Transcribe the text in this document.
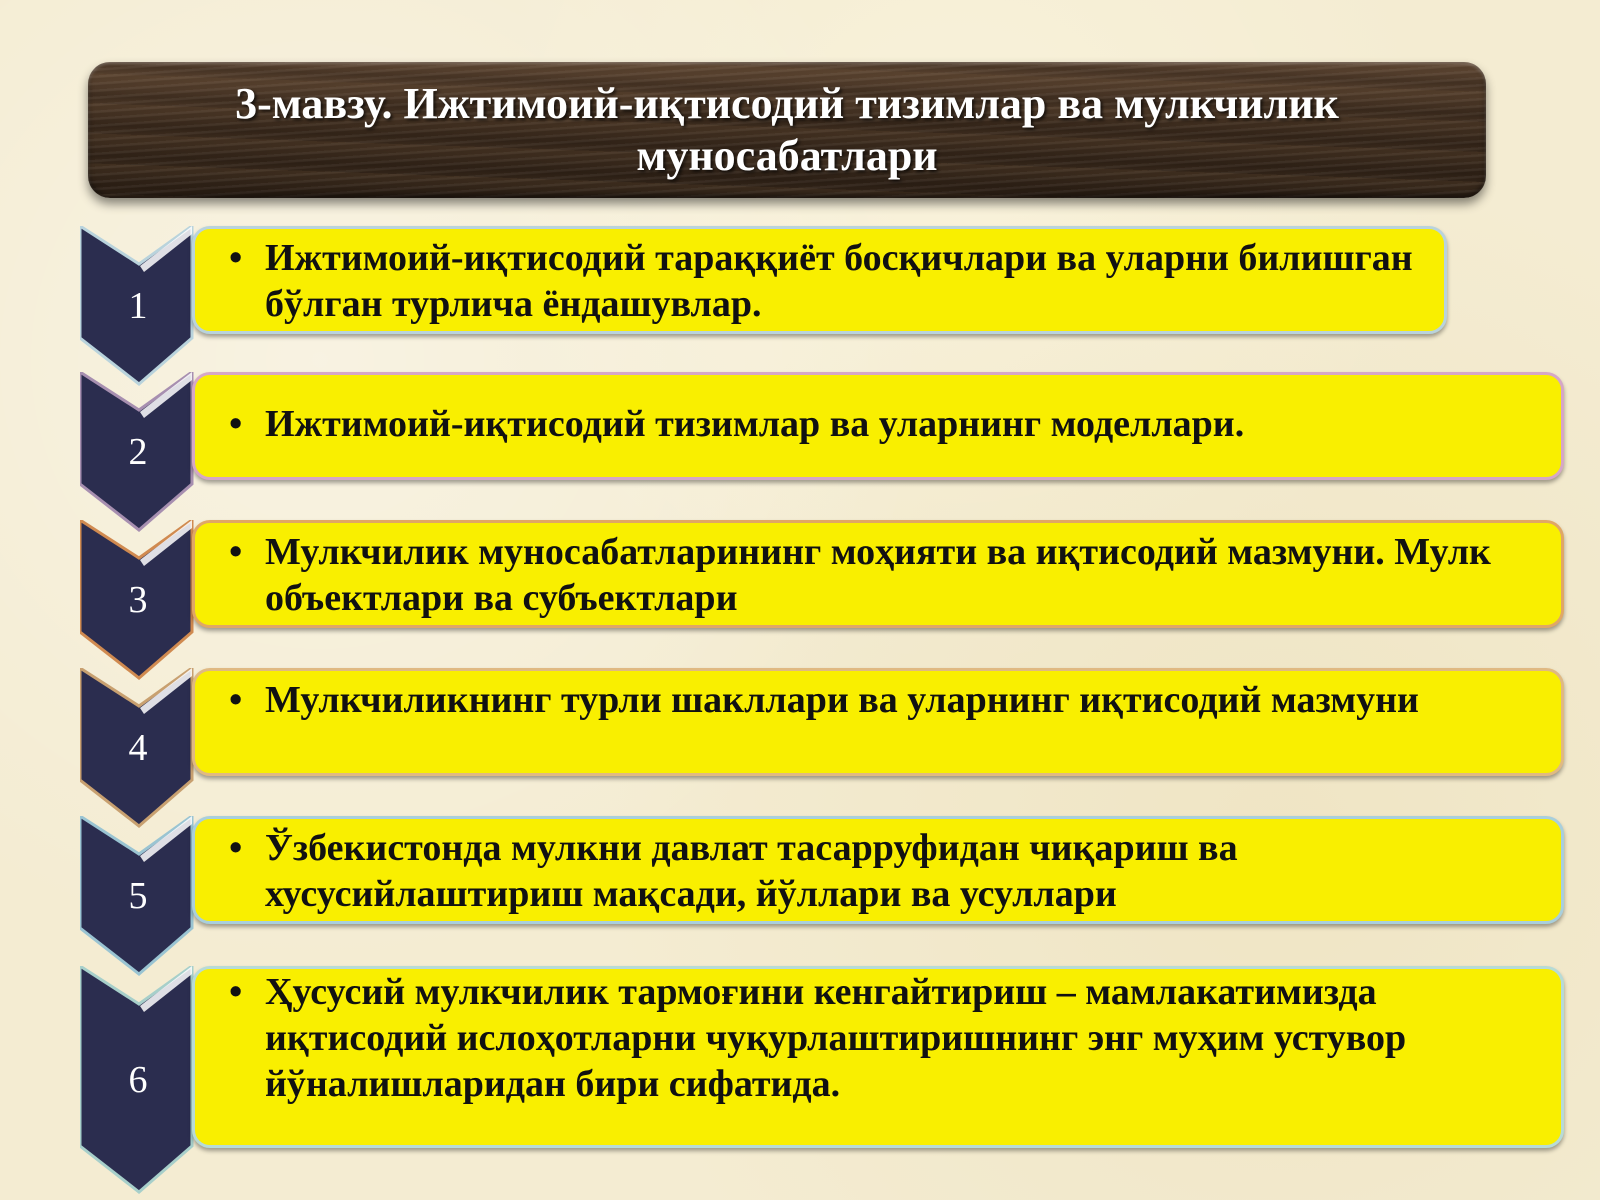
3-мавзу. Ижтимоий-иқтисодий тизимлар ва мулкчилик муносабатлари
1
• Ижтимоий-иқтисодий тараққиёт босқичлари ва уларни билишган бўлган турлича ёндашувлар.
2
• Ижтимоий-иқтисодий тизимлар ва уларнинг моделлари.
3
• Мулкчилик муносабатларининг моҳияти ва иқтисодий мазмуни. Мулк объектлари ва субъектлари
4
• Мулкчиликнинг турли шакллари ва уларнинг иқтисодий мазмуни
5
• Ўзбекистонда мулкни давлат тасарруфидан чиқариш ва хусусийлаштириш мақсади, йўллари ва усуллари
6
• Ҳусусий мулкчилик тармоғини кенгайтириш – мамлакатимизда иқтисодий ислоҳотларни чуқурлаштиришнинг энг муҳим устувор йўналишларидан бири сифатида.
